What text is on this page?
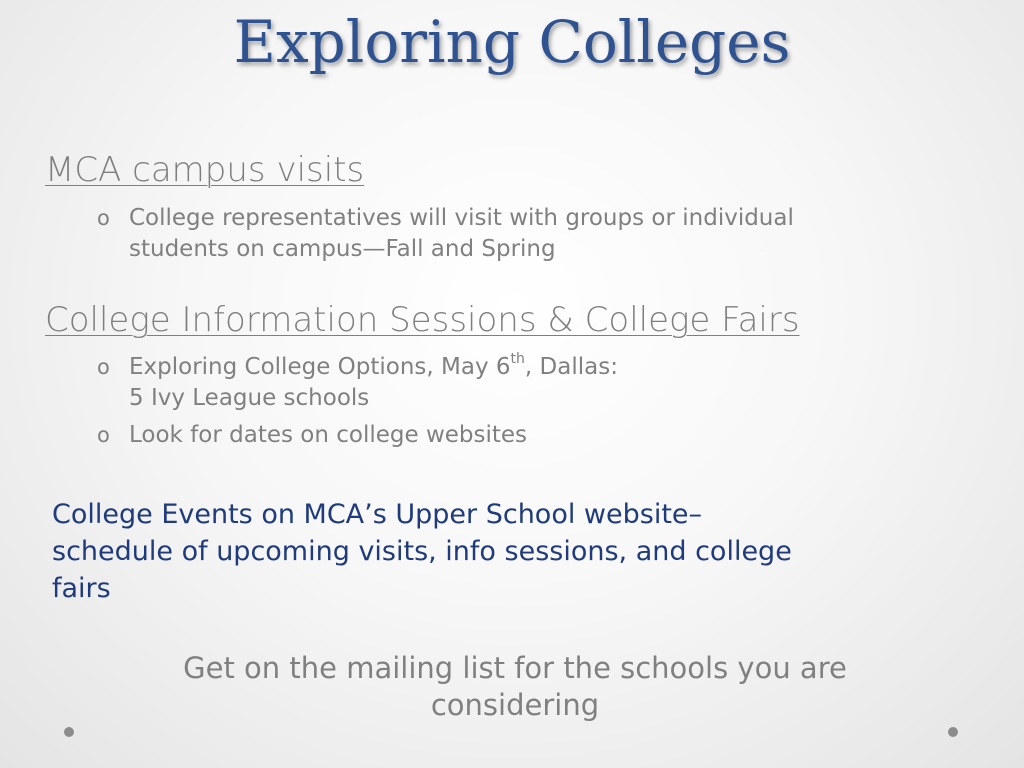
Exploring Colleges
MCA campus visits
o College representatives will visit with groups or individual
students on campus—Fall and Spring
College Information Sessions & College Fairs
o Exploring College Options, May 6th, Dallas:
5 Ivy League schools
o Look for dates on college websites
College Events on MCA’s Upper School website–
schedule of upcoming visits, info sessions, and college
fairs
Get on the mailing list for the schools you are
considering
